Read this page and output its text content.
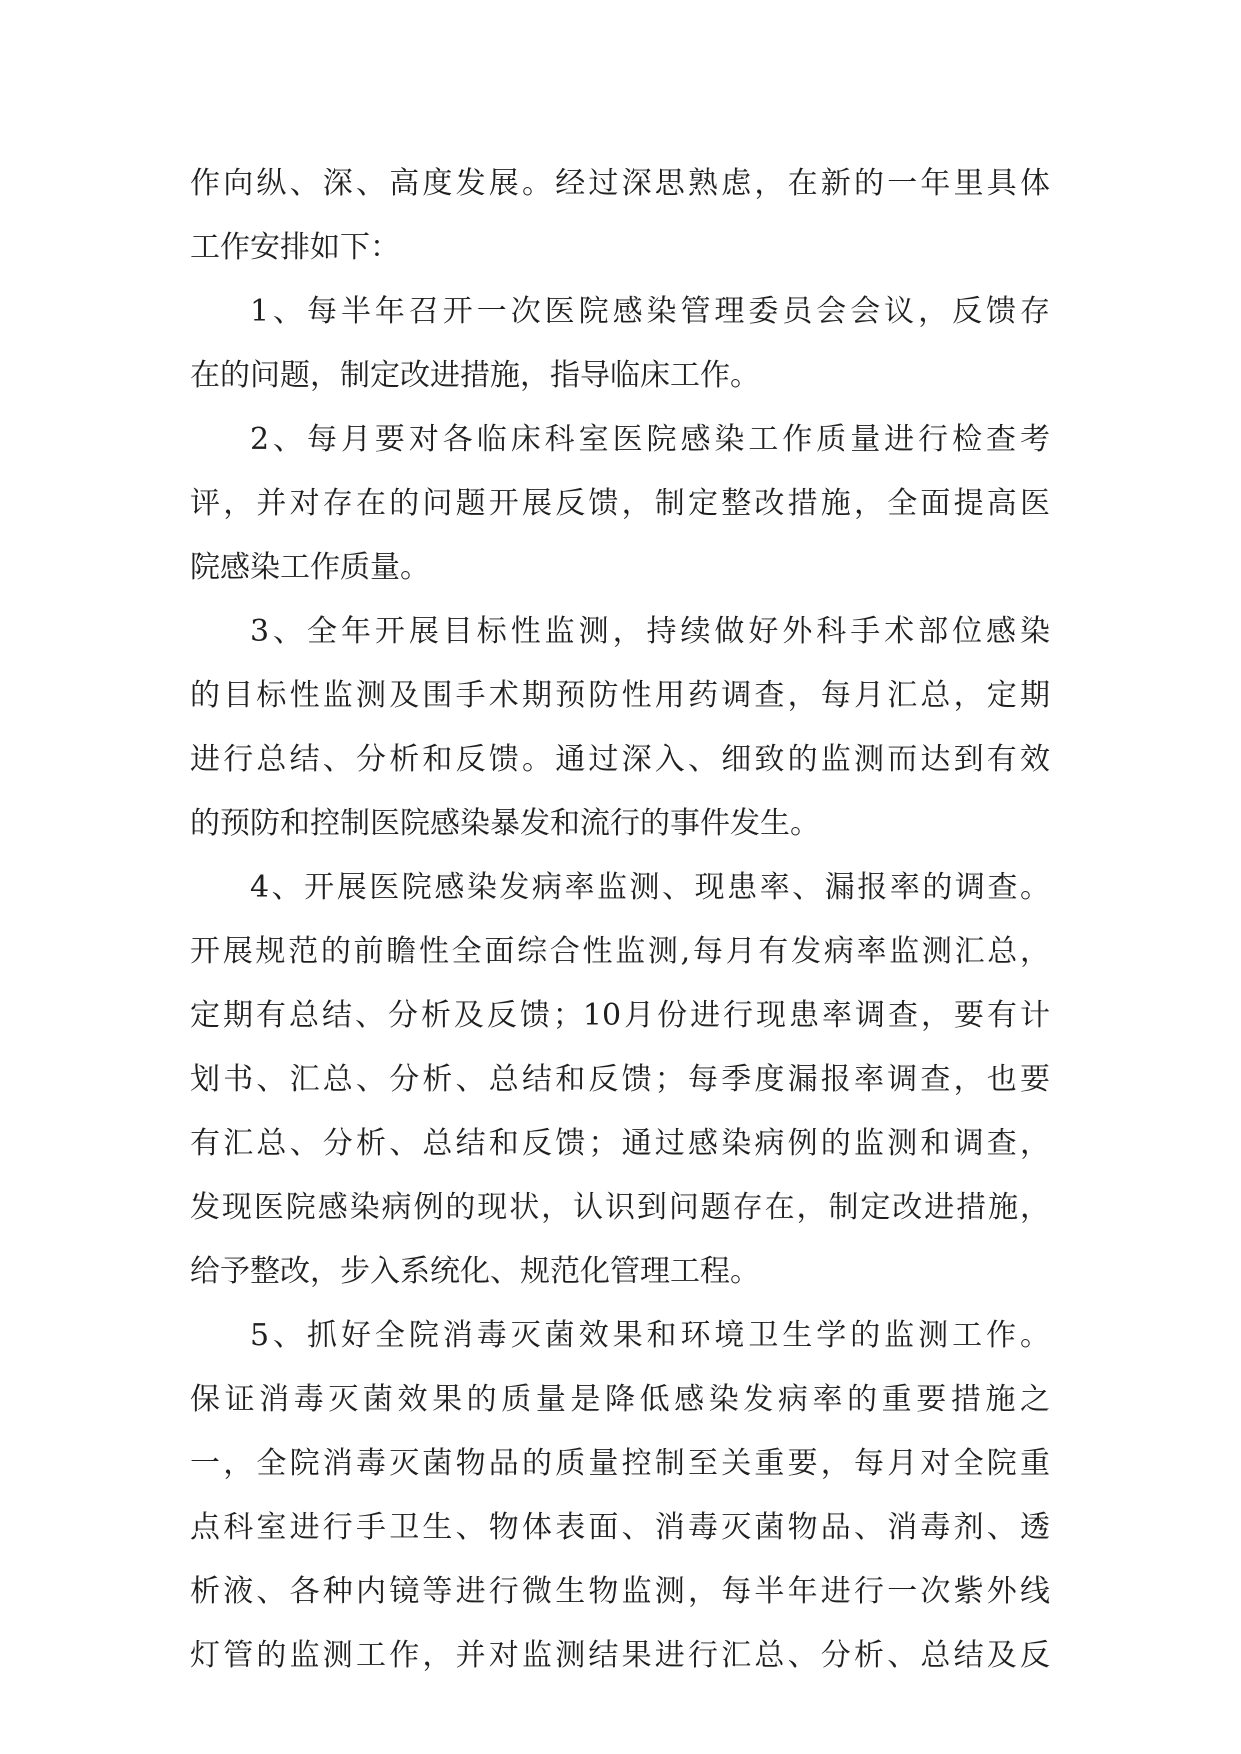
作向纵、深、高度发展。经过深思熟虑，在新的一年里具体
工作安排如下：
1、每半年召开一次医院感染管理委员会会议，反馈存
在的问题，制定改进措施，指导临床工作。
2、每月要对各临床科室医院感染工作质量进行检查考
评，并对存在的问题开展反馈，制定整改措施，全面提高医
院感染工作质量。
3、全年开展目标性监测，持续做好外科手术部位感染
的目标性监测及围手术期预防性用药调查，每月汇总，定期
进行总结、分析和反馈。通过深入、细致的监测而达到有效
的预防和控制医院感染暴发和流行的事件发生。
4、开展医院感染发病率监测、现患率、漏报率的调查。
开展规范的前瞻性全面综合性监测,每月有发病率监测汇总，
定期有总结、分析及反馈；10月份进行现患率调查，要有计
划书、汇总、分析、总结和反馈；每季度漏报率调查，也要
有汇总、分析、总结和反馈；通过感染病例的监测和调查，
发现医院感染病例的现状，认识到问题存在，制定改进措施，
给予整改，步入系统化、规范化管理工程。
5、抓好全院消毒灭菌效果和环境卫生学的监测工作。
保证消毒灭菌效果的质量是降低感染发病率的重要措施之
一，全院消毒灭菌物品的质量控制至关重要，每月对全院重
点科室进行手卫生、物体表面、消毒灭菌物品、消毒剂、透
析液、各种内镜等进行微生物监测，每半年进行一次紫外线
灯管的监测工作，并对监测结果进行汇总、分析、总结及反
